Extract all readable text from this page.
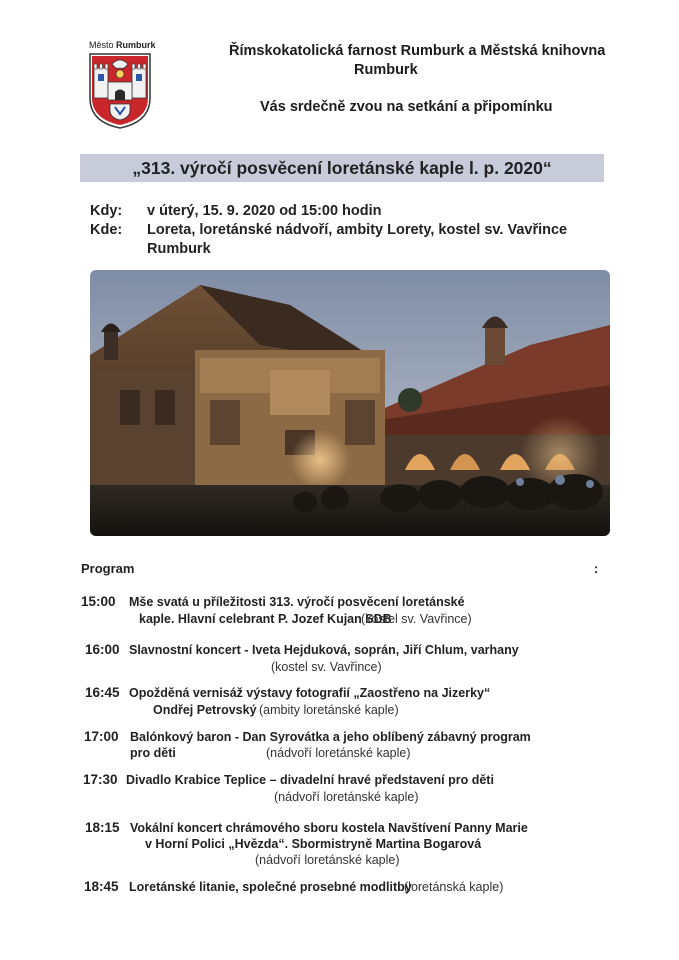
Město Rumburk	Římskokatolická farnost Rumburk a Městská knihovna
Rumburk
Vás srdečně zvou na setkání a připomínku
„313. výročí posvěcení loretánské kaple l. p. 2020“
Kdy: v úterý, 15. 9. 2020 od 15:00 hodin
Kde: Loreta, loretánské nádvoří, ambity Lorety, kostel sv. Vavřince
Rumburk
Program	:
15:00 Mše svatá u příležitosti 313. výročí posvěcení loretánské
kaple. Hlavní celebrant P. Jozef Kujan SDB
(kostel sv. Vavřince)
16:00 Slavnostní koncert - Iveta Hejduková, soprán, Jiří Chlum, varhany
(kostel sv. Vavřince)
16:45 Opožděná vernisáž výstavy fotografií „Zaostřeno na Jizerky“
Ondřej Petrovský (ambity loretánské kaple)
17:00 Balónkový baron - Dan Syrovátka a jeho oblíbený zábavný program
pro děti	(nádvoří loretánské kaple)
17:30 Divadlo Krabice Teplice – divadelní hravé představení pro děti
(nádvoří loretánské kaple)
18:15 Vokální koncert chrámového sboru kostela Navštívení Panny Marie
v Horní Polici „Hvězda“. Sbormistryně Martina Bogarová
(nádvoří loretánské kaple)
18:45 Loretánské litanie, společné prosebné modlitby
(loretánská kaple)
